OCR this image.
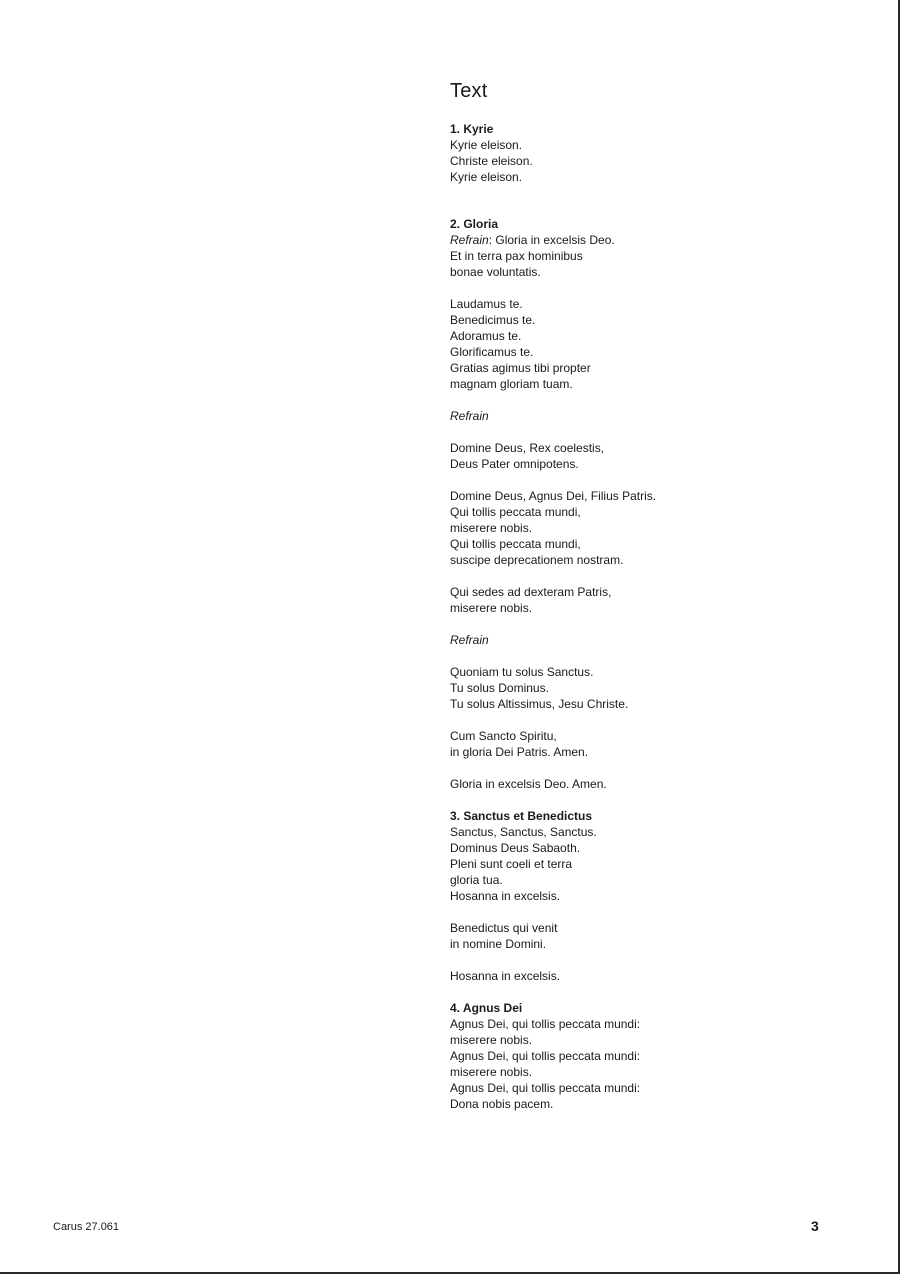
Text
1. Kyrie
Kyrie eleison.
Christe eleison.
Kyrie eleison.
2. Gloria
Refrain: Gloria in excelsis Deo.
Et in terra pax hominibus
bonae voluntatis.
Laudamus te.
Benedicimus te.
Adoramus te.
Glorificamus te.
Gratias agimus tibi propter
magnam gloriam tuam.
Refrain
Domine Deus, Rex coelestis,
Deus Pater omnipotens.
Domine Deus, Agnus Dei, Filius Patris.
Qui tollis peccata mundi,
miserere nobis.
Qui tollis peccata mundi,
suscipe deprecationem nostram.
Qui sedes ad dexteram Patris,
miserere nobis.
Refrain
Quoniam tu solus Sanctus.
Tu solus Dominus.
Tu solus Altissimus, Jesu Christe.
Cum Sancto Spiritu,
in gloria Dei Patris. Amen.
Gloria in excelsis Deo. Amen.
3. Sanctus et Benedictus
Sanctus, Sanctus, Sanctus.
Dominus Deus Sabaoth.
Pleni sunt coeli et terra
gloria tua.
Hosanna in excelsis.
Benedictus qui venit
in nomine Domini.
Hosanna in excelsis.
4. Agnus Dei
Agnus Dei, qui tollis peccata mundi:
miserere nobis.
Agnus Dei, qui tollis peccata mundi:
miserere nobis.
Agnus Dei, qui tollis peccata mundi:
Dona nobis pacem.
Carus 27.061	3
